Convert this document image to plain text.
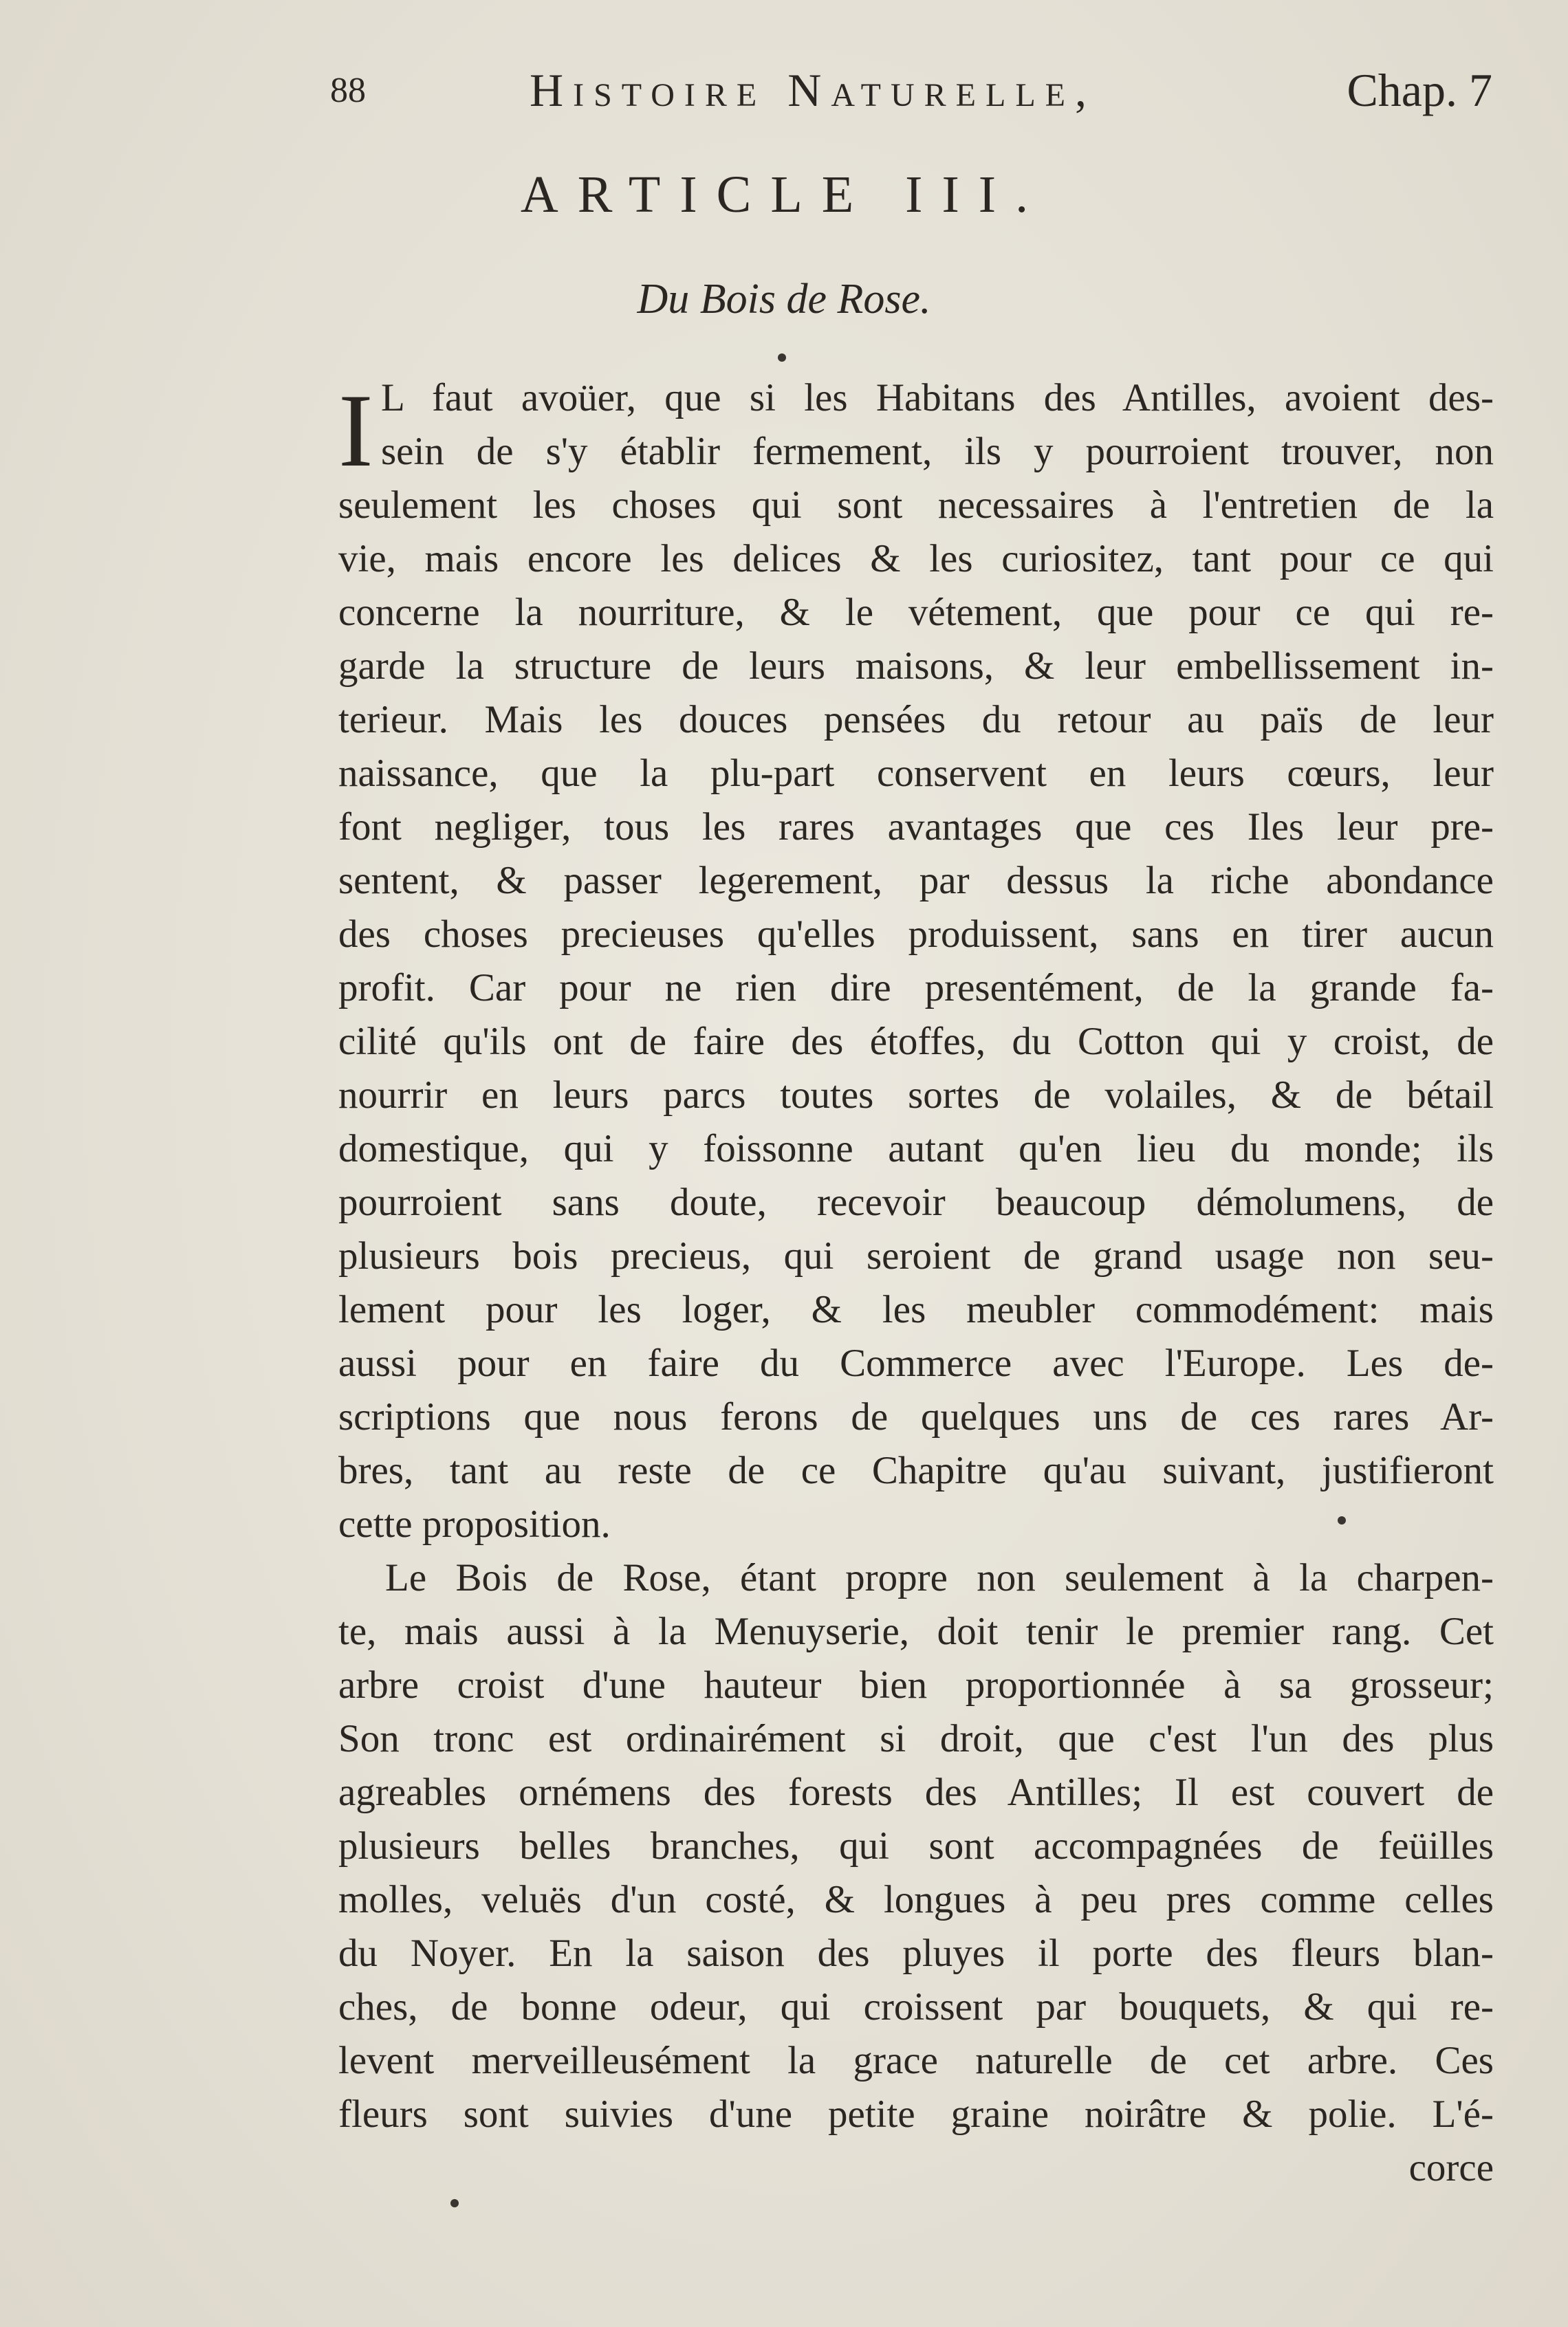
88	Histoire Naturelle,	Chap. 7
ARTICLE III.
Du Bois de Rose.
I L faut avoüer, que si les Habitans des Antilles, avoient des-
sein de s'y établir fermement, ils y pourroient trouver, non
seulement les choses qui sont necessaires à l'entretien de la
vie, mais encore les delices & les curiositez, tant pour ce qui
concerne la nourriture, & le vétement, que pour ce qui re-
garde la structure de leurs maisons, & leur embellissement in-
terieur. Mais les douces pensées du retour au païs de leur
naissance, que la plu-part conservent en leurs cœurs, leur
font negliger, tous les rares avantages que ces Iles leur pre-
sentent, & passer legerement, par dessus la riche abondance
des choses precieuses qu'elles produissent, sans en tirer aucun
profit. Car pour ne rien dire presentément, de la grande fa-
cilité qu'ils ont de faire des étoffes, du Cotton qui y croist, de
nourrir en leurs parcs toutes sortes de volailes, & de bétail
domestique, qui y foissonne autant qu'en lieu du monde; ils
pourroient sans doute, recevoir beaucoup démolumens, de
plusieurs bois precieus, qui seroient de grand usage non seu-
lement pour les loger, & les meubler commodément: mais
aussi pour en faire du Commerce avec l'Europe. Les de-
scriptions que nous ferons de quelques uns de ces rares Ar-
bres, tant au reste de ce Chapitre qu'au suivant, justifieront
cette proposition.
Le Bois de Rose, étant propre non seulement à la charpen-
te, mais aussi à la Menuyserie, doit tenir le premier rang. Cet
arbre croist d'une hauteur bien proportionnée à sa grosseur;
Son tronc est ordinairément si droit, que c'est l'un des plus
agreables ornémens des forests des Antilles; Il est couvert de
plusieurs belles branches, qui sont accompagnées de feüilles
molles, veluës d'un costé, & longues à peu pres comme celles
du Noyer. En la saison des pluyes il porte des fleurs blan-
ches, de bonne odeur, qui croissent par bouquets, & qui re-
levent merveilleusément la grace naturelle de cet arbre. Ces
fleurs sont suivies d'une petite graine noirâtre & polie. L'é-
corce
